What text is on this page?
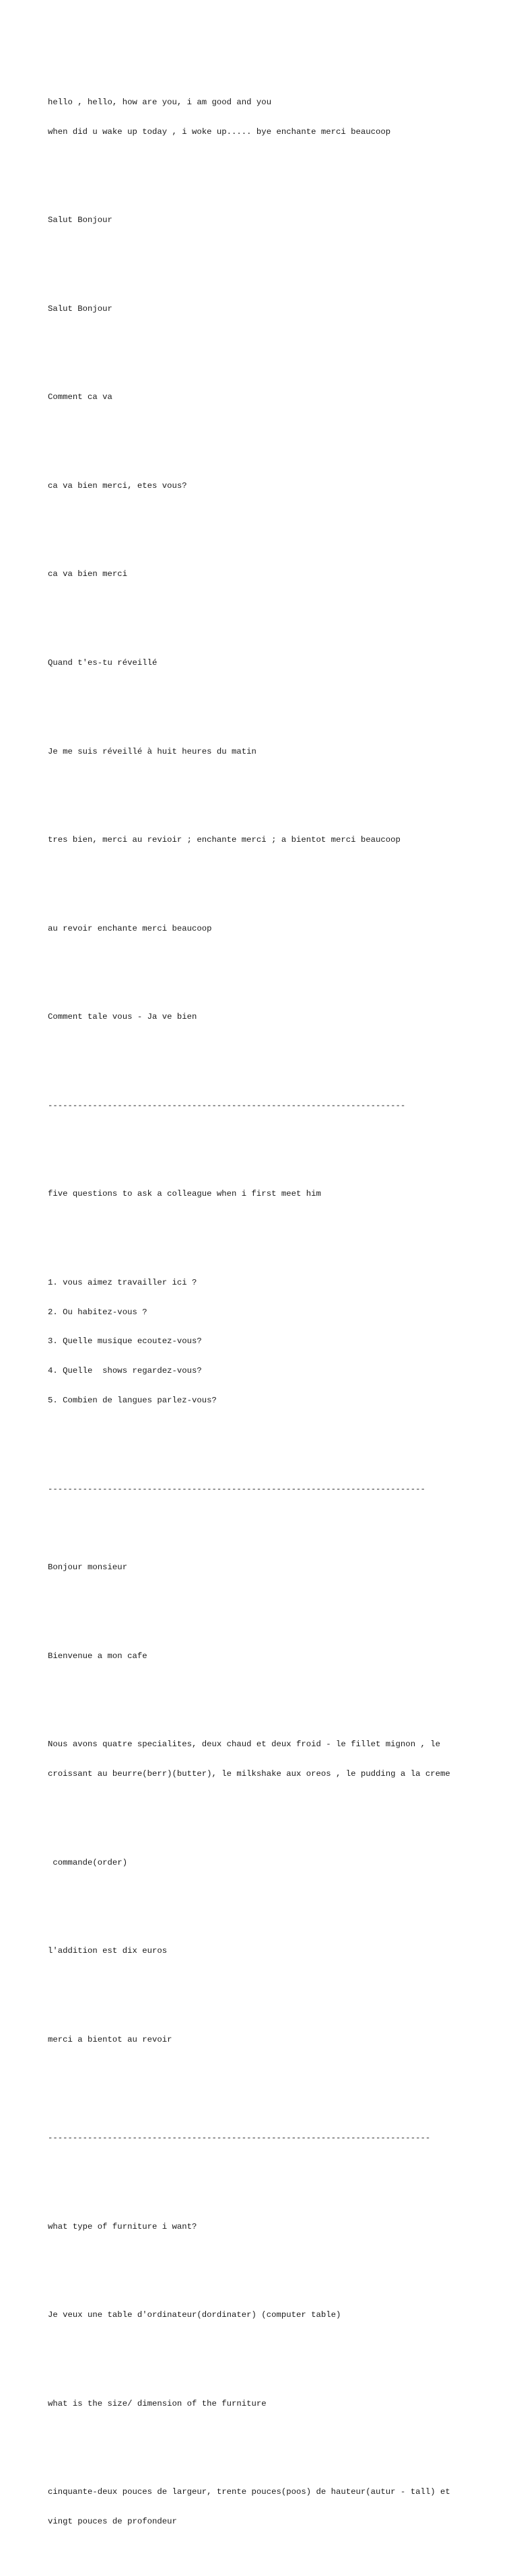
hello , hello, how are you, i am good and you

when did u wake up today , i woke up..... bye enchante merci beaucoop

Salut Bonjour

Salut Bonjour

Comment ca va

ca va bien merci, etes vous?

ca va bien merci

Quand t'es-tu réveillé

Je me suis réveillé à huit heures du matin

tres bien, merci au revioir ; enchante merci ; a bientot merci beaucoop

au revoir enchante merci beaucoop

Comment tale vous - Ja ve bien

------------------------------------------------------------------------

five questions to ask a colleague when i first meet him

1. vous aimez travailler ici ?

2. Ou habitez-vous ?

3. Quelle musique ecoutez-vous?

4. Quelle  shows regardez-vous?

5. Combien de langues parlez-vous?

----------------------------------------------------------------------------

Bonjour monsieur

Bienvenue a mon cafe

Nous avons quatre specialites, deux chaud et deux froid - le fillet mignon , le

croissant au beurre(berr)(butter), le milkshake aux oreos , le pudding a la creme

commande(order)

l'addition est dix euros

merci a bientot au revoir

-----------------------------------------------------------------------------

what type of furniture i want?

Je veux une table d'ordinateur(dordinater) (computer table)

what is the size/ dimension of the furniture

cinquante-deux pouces de largeur, trente pouces(poos) de hauteur(autur - tall) et

vingt pouces de profondeur
